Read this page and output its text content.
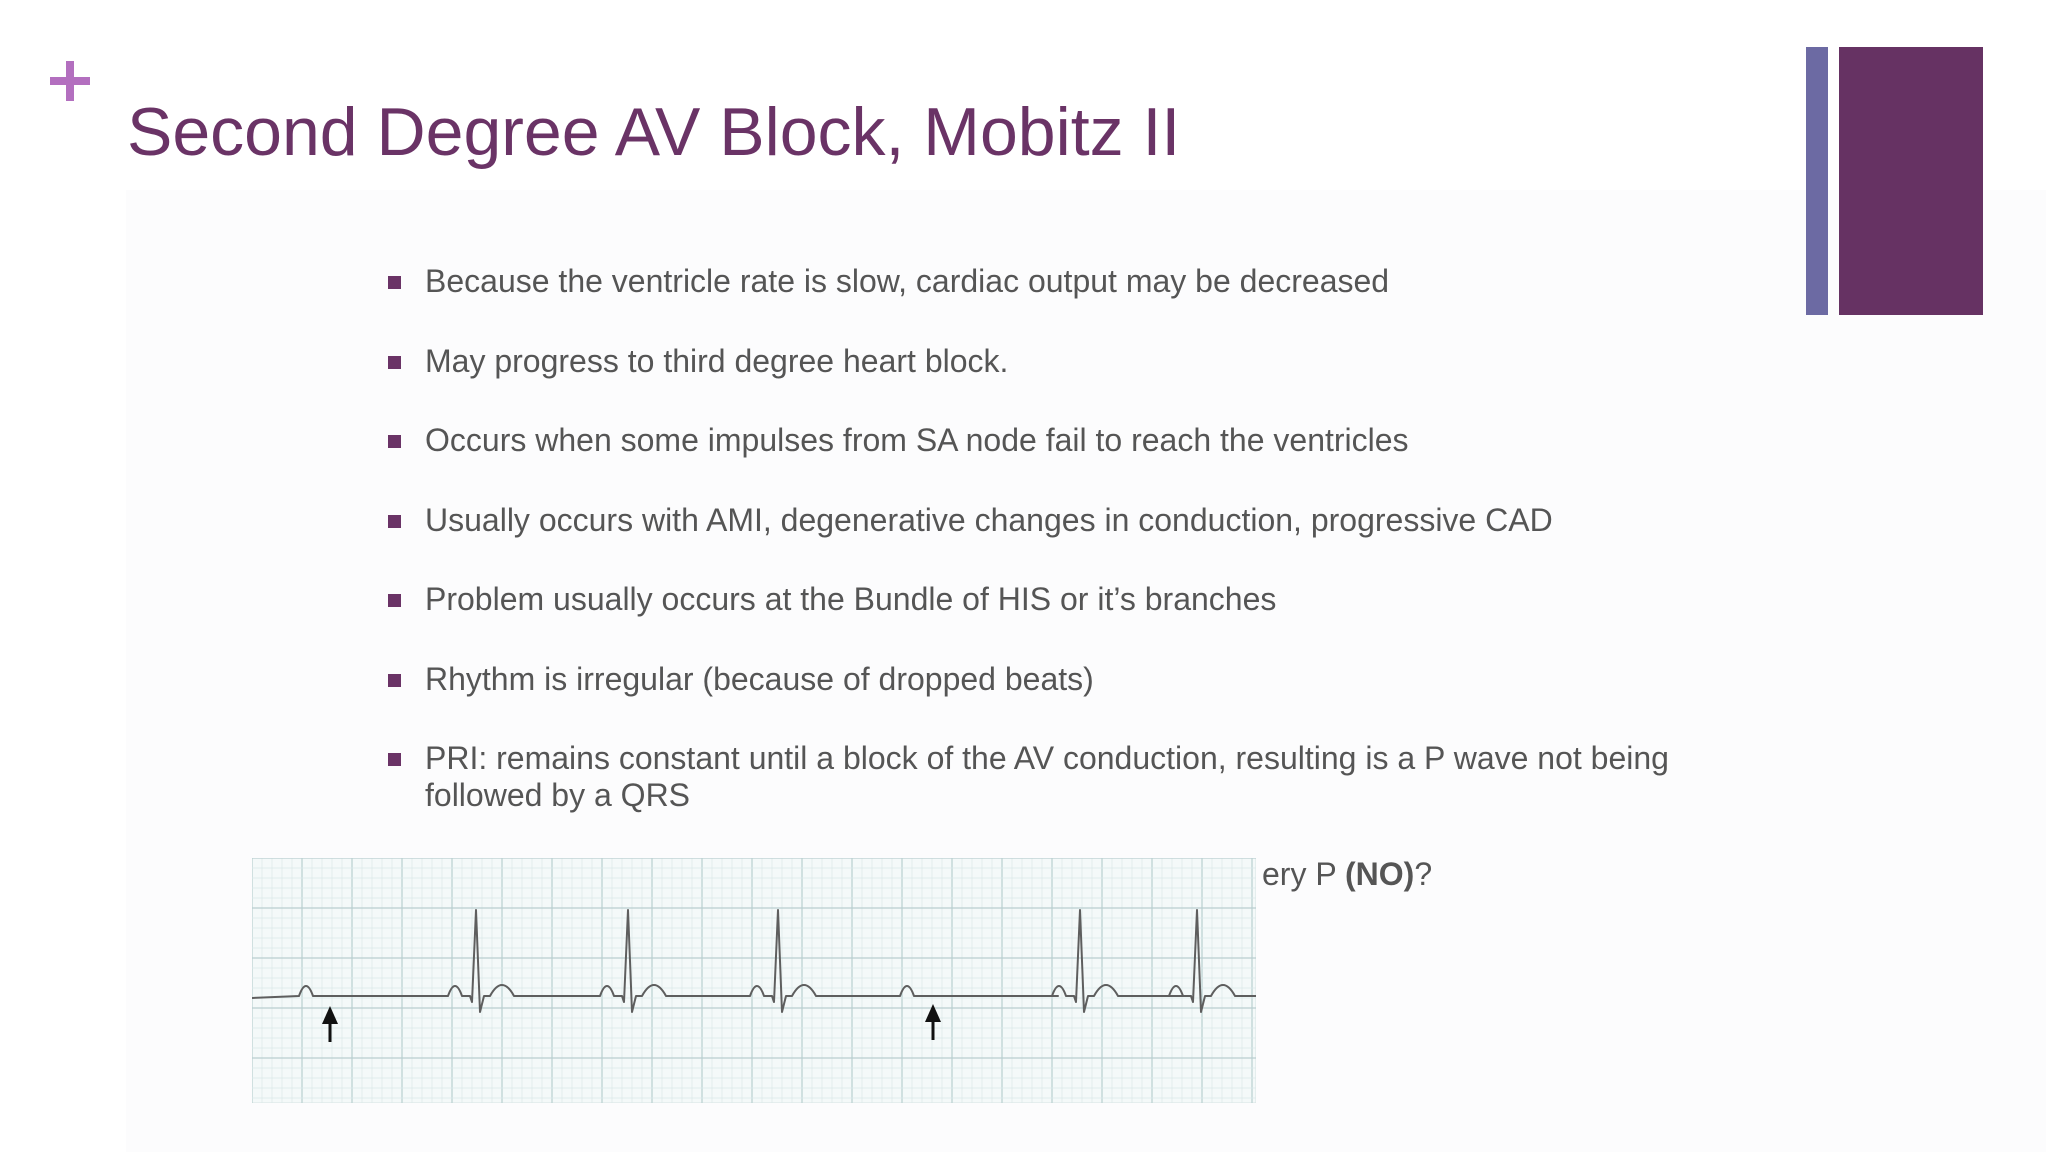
Second Degree AV Block, Mobitz II
Because the ventricle rate is slow, cardiac output may be decreased
May progress to third degree heart block.
Occurs when some impulses from SA node fail to reach the ventricles
Usually occurs with AMI, degenerative changes in conduction, progressive CAD
Problem usually occurs at the Bundle of HIS or it’s branches
Rhythm is irregular (because of dropped beats)
PRI: remains constant until a block of the AV conduction, resulting is a P wave not being followed by a QRS
ery P (NO)?
